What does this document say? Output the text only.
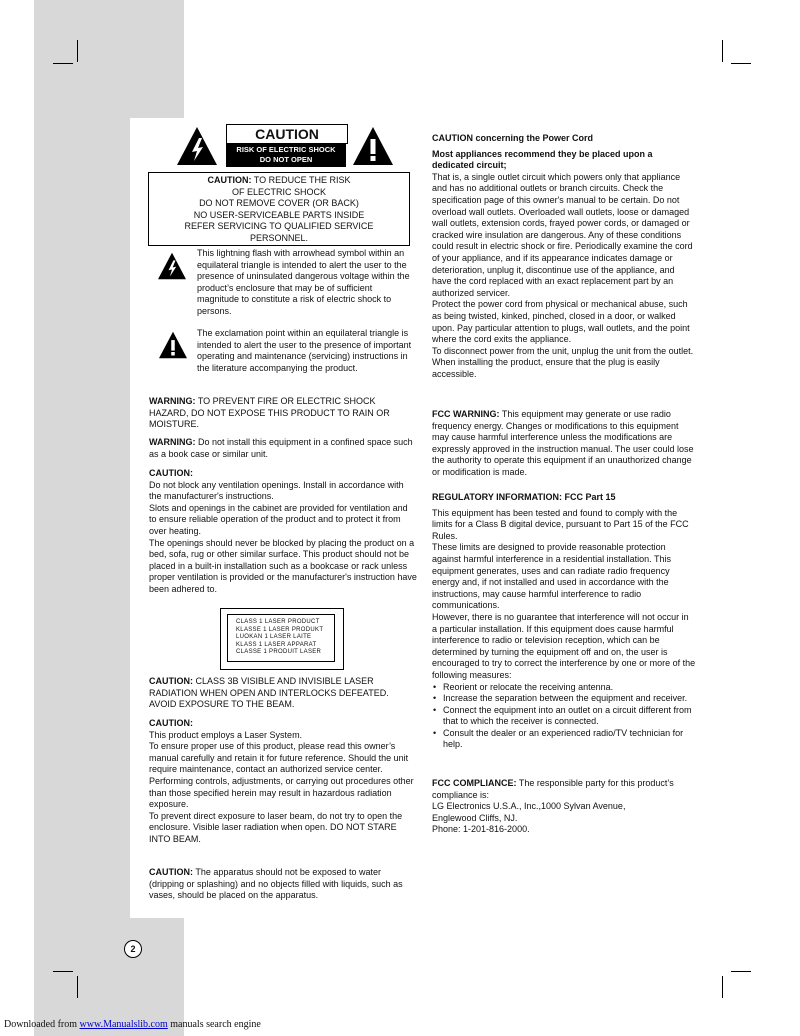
CAUTION
RISK OF ELECTRIC SHOCK
DO NOT OPEN
CAUTION: TO REDUCE THE RISK
OF ELECTRIC SHOCK
DO NOT REMOVE COVER (OR BACK)
NO USER-SERVICEABLE PARTS INSIDE
REFER SERVICING TO QUALIFIED SERVICE
PERSONNEL.

This lightning flash with arrowhead symbol within an equilateral triangle is intended to alert the user to the presence of uninsulated dangerous voltage within the product’s enclosure that may be of sufficient magnitude to constitute a risk of electric shock to persons.

The exclamation point within an equilateral triangle is intended to alert the user to the presence of important operating and maintenance (servicing) instructions in the literature accompanying the product.

WARNING: TO PREVENT FIRE OR ELECTRIC SHOCK HAZARD, DO NOT EXPOSE THIS PRODUCT TO RAIN OR MOISTURE.
WARNING: Do not install this equipment in a confined space such as a book case or similar unit.
CAUTION:
Do not block any ventilation openings. Install in accordance with the manufacturer's instructions.
Slots and openings in the cabinet are provided for ventilation and to ensure reliable operation of the product and to protect it from over heating.
The openings should never be blocked by placing the product on a bed, sofa, rug or other similar surface. This product should not be placed in a built-in installation such as a bookcase or rack unless proper ventilation is provided or the manufacturer's instruction have been adhered to.
CLASS 1 LASER PRODUCT
KLASSE 1 LASER PRODUKT
LUOKAN 1 LASER LAITE
KLASS 1 LASER APPARAT
CLASSE 1 PRODUIT LASER
CAUTION: CLASS 3B VISIBLE AND INVISIBLE LASER RADIATION WHEN OPEN AND INTERLOCKS DEFEATED. AVOID EXPOSURE TO THE BEAM.
CAUTION:
This product employs a Laser System.
To ensure proper use of this product, please read this owner’s manual carefully and retain it for future reference. Should the unit require maintenance, contact an authorized service center.
Performing controls, adjustments, or carrying out procedures other than those specified herein may result in hazardous radiation exposure.
To prevent direct exposure to laser beam, do not try to open the enclosure. Visible laser radiation when open. DO NOT STARE INTO BEAM.
CAUTION: The apparatus should not be exposed to water (dripping or splashing) and no objects filled with liquids, such as vases, should be placed on the apparatus.
CAUTION concerning the Power Cord
Most appliances recommend they be placed upon a dedicated circuit;
That is, a single outlet circuit which powers only that appliance and has no additional outlets or branch circuits. Check the specification page of this owner's manual to be certain. Do not overload wall outlets. Overloaded wall outlets, loose or damaged wall outlets, extension cords, frayed power cords, or damaged or cracked wire insulation are dangerous. Any of these conditions could result in electric shock or fire. Periodically examine the cord of your appliance, and if its appearance indicates damage or deterioration, unplug it, discontinue use of the appliance, and have the cord replaced with an exact replacement part by an authorized servicer.
Protect the power cord from physical or mechanical abuse, such as being twisted, kinked, pinched, closed in a door, or walked upon. Pay particular attention to plugs, wall outlets, and the point where the cord exits the appliance.
To disconnect power from the unit, unplug the unit from the outlet. When installing the product, ensure that the plug is easily accessible.
FCC WARNING: This equipment may generate or use radio frequency energy. Changes or modifications to this equipment may cause harmful interference unless the modifications are expressly approved in the instruction manual. The user could lose the authority to operate this equipment if an unauthorized change or modification is made.
REGULATORY INFORMATION: FCC Part 15
This equipment has been tested and found to comply with the limits for a Class B digital device, pursuant to Part 15 of the FCC Rules.
These limits are designed to provide reasonable protection against harmful interference in a residential installation. This equipment generates, uses and can radiate radio frequency energy and, if not installed and used in accordance with the instructions, may cause harmful interference to radio communications.
However, there is no guarantee that interference will not occur in a particular installation. If this equipment does cause harmful interference to radio or television reception, which can be determined by turning the equipment off and on, the user is encouraged to try to correct the interference by one or more of the following measures:
• Reorient or relocate the receiving antenna.
• Increase the separation between the equipment and receiver.
• Connect the equipment into an outlet on a circuit different from that to which the receiver is connected.
• Consult the dealer or an experienced radio/TV technician for help.
FCC COMPLIANCE: The responsible party for this product’s compliance is:
LG Electronics U.S.A., Inc.,1000 Sylvan Avenue,
Englewood Cliffs, NJ.
Phone: 1-201-816-2000.
2
Downloaded from www.Manualslib.com manuals search engine
